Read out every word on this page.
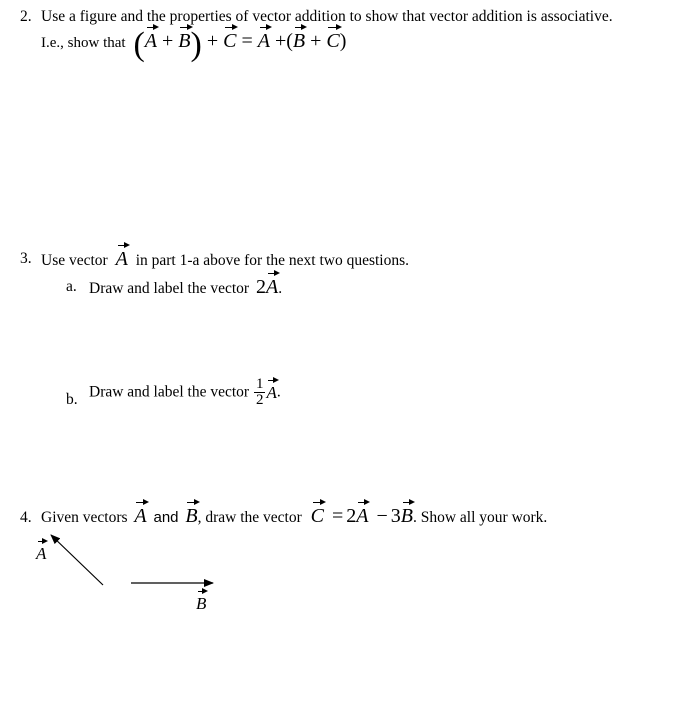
2. Use a figure and the properties of vector addition to show that vector addition is associative.
I.e., show that (A + B) + C = A +(B + C)
3. Use vector A in part 1-a above for the next two questions.
a. Draw and label the vector 2A.
b. Draw and label the vector $\frac{1}{2} A$.
4. Given vectors A and B, draw the vector C = 2A − 3B. Show all your work.
A
B
